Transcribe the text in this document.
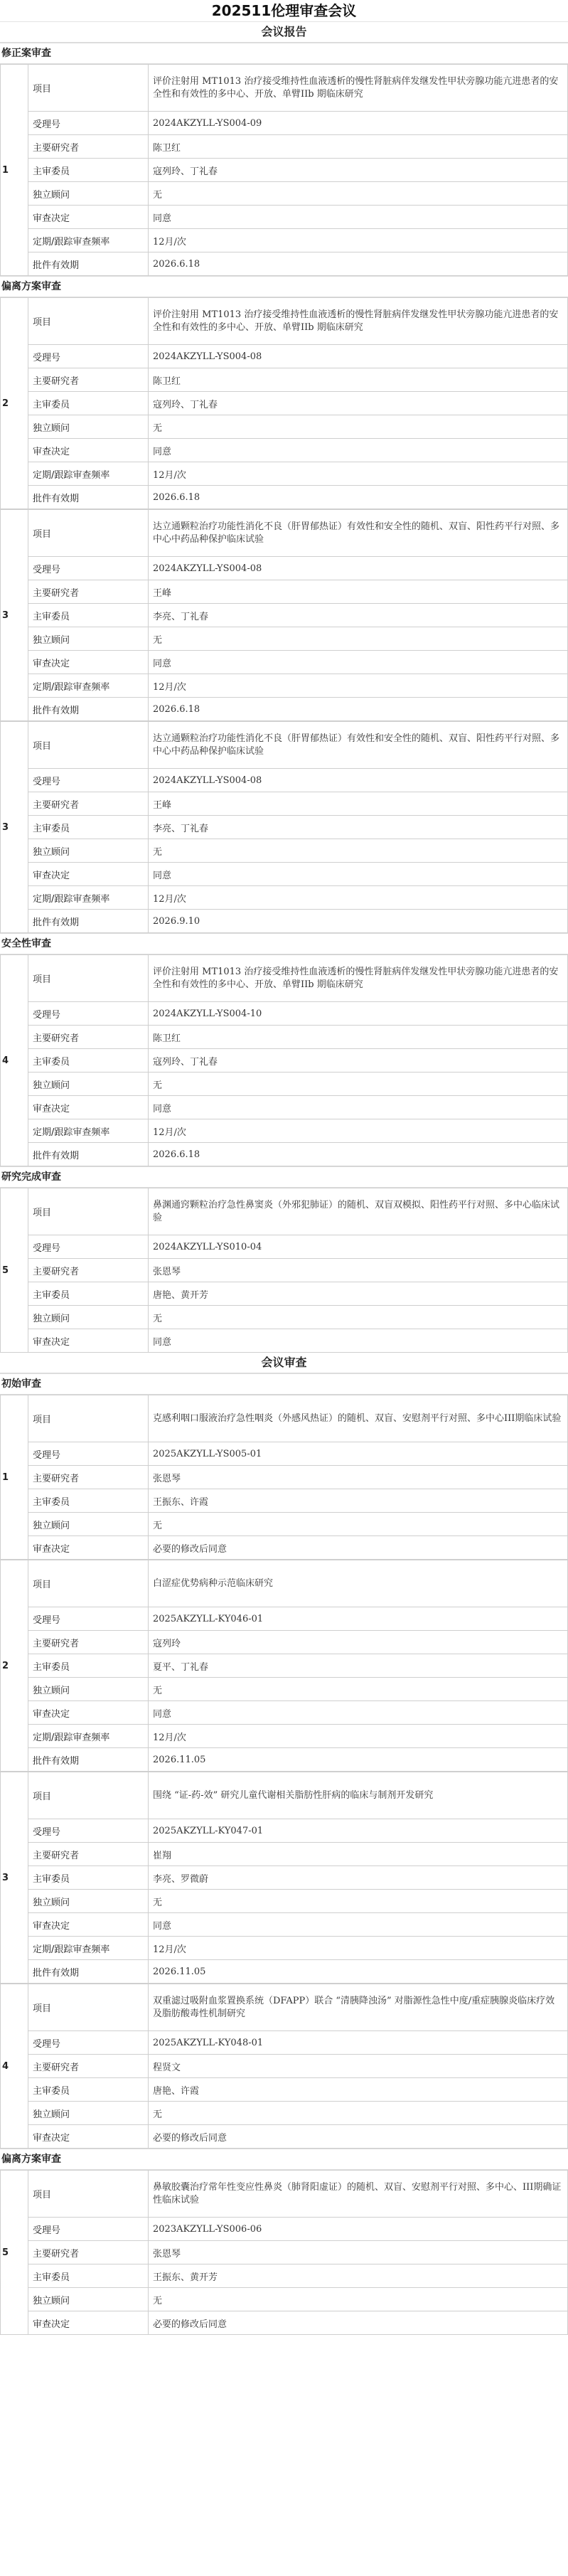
202511伦理审查会议
会议报告
修正案审查
1	项目	评价注射用 MT1013 治疗接受维持性血液透析的慢性肾脏病伴发继发性甲状旁腺功能亢进患者的安全性和有效性的多中心、开放、单臂IIb 期临床研究
	受理号	2024AKZYLL-YS004-09
	主要研究者	陈卫红
	主审委员	寇列玲、丁礼春
	独立顾问	无
	审查决定	同意
	定期/跟踪审查频率	12月/次
	批件有效期	2026.6.18
偏离方案审查
2	项目	评价注射用 MT1013 治疗接受维持性血液透析的慢性肾脏病伴发继发性甲状旁腺功能亢进患者的安全性和有效性的多中心、开放、单臂IIb 期临床研究
	受理号	2024AKZYLL-YS004-08
	主要研究者	陈卫红
	主审委员	寇列玲、丁礼春
	独立顾问	无
	审查决定	同意
	定期/跟踪审查频率	12月/次
	批件有效期	2026.6.18
3	项目	达立通颗粒治疗功能性消化不良（肝胃郁热证）有效性和安全性的随机、双盲、阳性药平行对照、多中心中药品种保护临床试验
	受理号	2024AKZYLL-YS004-08
	主要研究者	王峰
	主审委员	李亮、丁礼春
	独立顾问	无
	审查决定	同意
	定期/跟踪审查频率	12月/次
	批件有效期	2026.6.18
3	项目	达立通颗粒治疗功能性消化不良（肝胃郁热证）有效性和安全性的随机、双盲、阳性药平行对照、多中心中药品种保护临床试验
	受理号	2024AKZYLL-YS004-08
	主要研究者	王峰
	主审委员	李亮、丁礼春
	独立顾问	无
	审查决定	同意
	定期/跟踪审查频率	12月/次
	批件有效期	2026.9.10
安全性审查
4	项目	评价注射用 MT1013 治疗接受维持性血液透析的慢性肾脏病伴发继发性甲状旁腺功能亢进患者的安全性和有效性的多中心、开放、单臂IIb 期临床研究
	受理号	2024AKZYLL-YS004-10
	主要研究者	陈卫红
	主审委员	寇列玲、丁礼春
	独立顾问	无
	审查决定	同意
	定期/跟踪审查频率	12月/次
	批件有效期	2026.6.18
研究完成审查
5	项目	鼻渊通窍颗粒治疗急性鼻窦炎（外邪犯肺证）的随机、双盲双模拟、阳性药平行对照、多中心临床试验
	受理号	2024AKZYLL-YS010-04
	主要研究者	张恩琴
	主审委员	唐艳、黄开芳
	独立顾问	无
	审查决定	同意
会议审查
初始审查
1	项目	克感利咽口服液治疗急性咽炎（外感风热证）的随机、双盲、安慰剂平行对照、多中心III期临床试验
	受理号	2025AKZYLL-YS005-01
	主要研究者	张恩琴
	主审委员	王振东、许霞
	独立顾问	无
	审查决定	必要的修改后同意
2	项目	白涩症优势病种示范临床研究
	受理号	2025AKZYLL-KY046-01
	主要研究者	寇列玲
	主审委员	夏平、丁礼春
	独立顾问	无
	审查决定	同意
	定期/跟踪审查频率	12月/次
	批件有效期	2026.11.05
3	项目	围绕 “证-药-效” 研究儿童代谢相关脂肪性肝病的临床与制剂开发研究
	受理号	2025AKZYLL-KY047-01
	主要研究者	崔翔
	主审委员	李亮、罗微蔚
	独立顾问	无
	审查决定	同意
	定期/跟踪审查频率	12月/次
	批件有效期	2026.11.05
4	项目	双重滤过吸附血浆置换系统（DFAPP）联合 “清胰降浊汤” 对脂源性急性中度/重症胰腺炎临床疗效及脂肪酸毒性机制研究
	受理号	2025AKZYLL-KY048-01
	主要研究者	程贤文
	主审委员	唐艳、许霞
	独立顾问	无
	审查决定	必要的修改后同意
偏离方案审查
5	项目	鼻敏胶囊治疗常年性变应性鼻炎（肺肾阳虚证）的随机、双盲、安慰剂平行对照、多中心、III期确证性临床试验
	受理号	2023AKZYLL-YS006-06
	主要研究者	张恩琴
	主审委员	王振东、黄开芳
	独立顾问	无
	审查决定	必要的修改后同意
